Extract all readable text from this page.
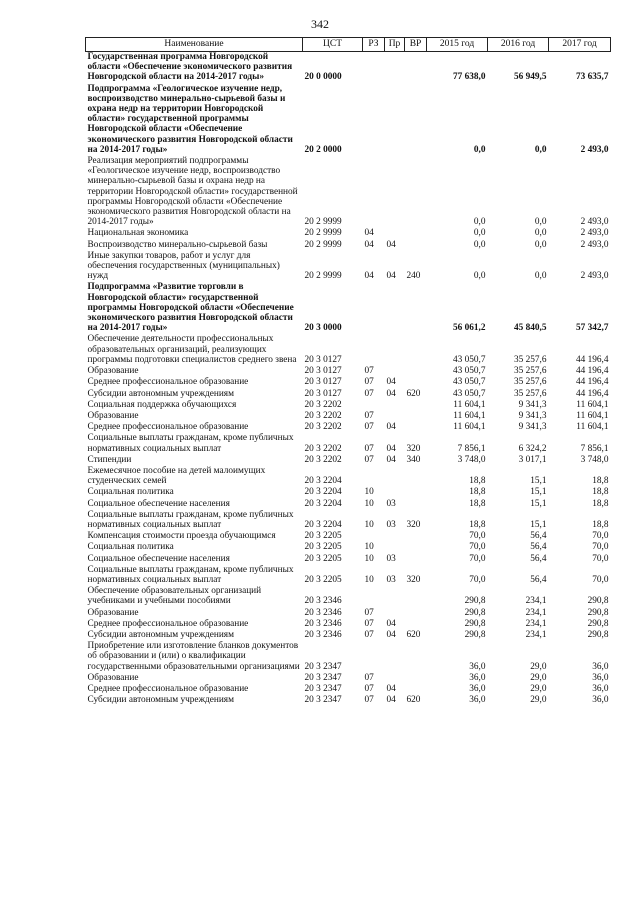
342
Наименование	ЦСТ	РЗ	Пр	ВР	2015 год	2016 год	2017 год
Государственная программа Новгородской области «Обеспечение экономического развития Новгородской области на 2014-2017 годы»	20 0 0000				77 638,0	56 949,5	73 635,7
Подпрограмма «Геологическое изучение недр, воспроизводство минерально-сырьевой базы и охрана недр на территории Новгородской области» государственной программы Новгородской области «Обеспечение экономического развития Новгородской области на 2014-2017 годы»	20 2 0000				0,0	0,0	2 493,0
Реализация мероприятий подпрограммы «Геологическое изучение недр, воспроизводство минерально-сырьевой базы и охрана недр на территории Новгородской области» государственной программы Новгородской области «Обеспечение экономического развития Новгородской области на 2014-2017 годы»	20 2 9999				0,0	0,0	2 493,0
Национальная экономика	20 2 9999	04			0,0	0,0	2 493,0
Воспроизводство минерально-сырьевой базы	20 2 9999	04	04		0,0	0,0	2 493,0
Иные закупки товаров, работ и услуг для обеспечения государственных (муниципальных) нужд	20 2 9999	04	04	240	0,0	0,0	2 493,0
Подпрограмма «Развитие торговли в Новгородской области» государственной программы Новгородской области «Обеспечение экономического развития Новгородской области на 2014-2017 годы»	20 3 0000				56 061,2	45 840,5	57 342,7
Обеспечение деятельности профессиональных образовательных организаций, реализующих программы подготовки специалистов среднего звена	20 3 0127				43 050,7	35 257,6	44 196,4
Образование	20 3 0127	07			43 050,7	35 257,6	44 196,4
Среднее профессиональное образование	20 3 0127	07	04		43 050,7	35 257,6	44 196,4
Субсидии автономным учреждениям	20 3 0127	07	04	620	43 050,7	35 257,6	44 196,4
Социальная поддержка обучающихся	20 3 2202				11 604,1	9 341,3	11 604,1
Образование	20 3 2202	07			11 604,1	9 341,3	11 604,1
Среднее профессиональное образование	20 3 2202	07	04		11 604,1	9 341,3	11 604,1
Социальные выплаты гражданам, кроме публичных нормативных социальных выплат	20 3 2202	07	04	320	7 856,1	6 324,2	7 856,1
Стипендии	20 3 2202	07	04	340	3 748,0	3 017,1	3 748,0
Ежемесячное пособие на детей малоимущих студенческих семей	20 3 2204				18,8	15,1	18,8
Социальная политика	20 3 2204	10			18,8	15,1	18,8
Социальное обеспечение населения	20 3 2204	10	03		18,8	15,1	18,8
Социальные выплаты гражданам, кроме публичных нормативных социальных выплат	20 3 2204	10	03	320	18,8	15,1	18,8
Компенсация стоимости проезда обучающимся	20 3 2205				70,0	56,4	70,0
Социальная политика	20 3 2205	10			70,0	56,4	70,0
Социальное обеспечение населения	20 3 2205	10	03		70,0	56,4	70,0
Социальные выплаты гражданам, кроме публичных нормативных социальных выплат	20 3 2205	10	03	320	70,0	56,4	70,0
Обеспечение образовательных организаций учебниками и учебными пособиями	20 3 2346				290,8	234,1	290,8
Образование	20 3 2346	07			290,8	234,1	290,8
Среднее профессиональное образование	20 3 2346	07	04		290,8	234,1	290,8
Субсидии автономным учреждениям	20 3 2346	07	04	620	290,8	234,1	290,8
Приобретение или изготовление бланков документов об образовании и (или) о квалификации государственными образовательными организациями	20 3 2347				36,0	29,0	36,0
Образование	20 3 2347	07			36,0	29,0	36,0
Среднее профессиональное образование	20 3 2347	07	04		36,0	29,0	36,0
Субсидии автономным учреждениям	20 3 2347	07	04	620	36,0	29,0	36,0
